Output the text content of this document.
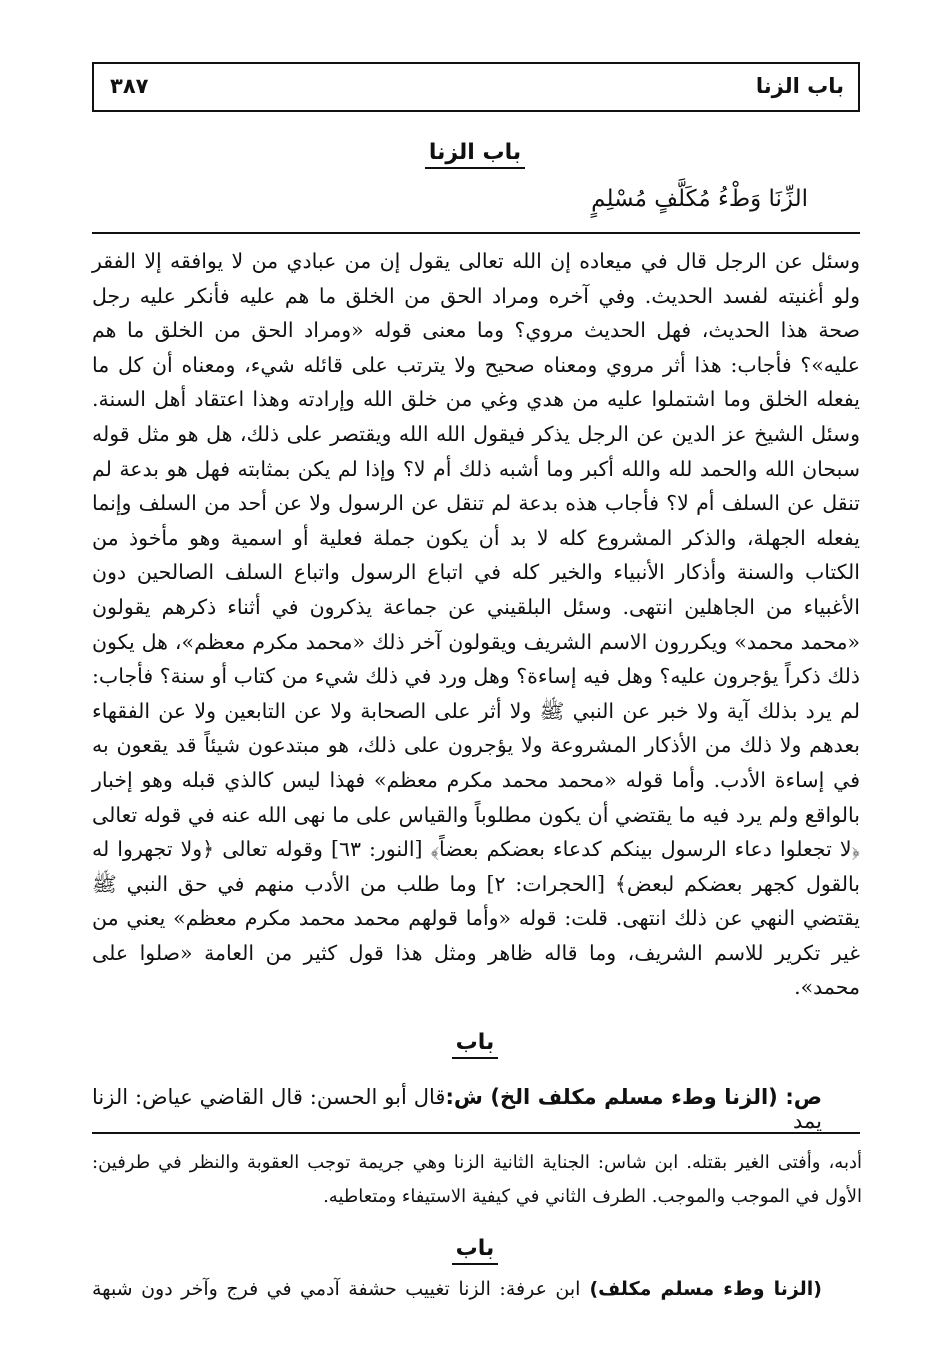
باب الزنا
٣٨٧
باب الزنا
الزِّنَا وَطْءُ مُكَلَّفٍ مُسْلِمٍ

وسئل عن الرجل قال في ميعاده إن الله تعالى يقول إن من عبادي من لا يوافقه إلا الفقر ولو أغنيته لفسد الحديث. وفي آخره ومراد الحق من الخلق ما هم عليه فأنكر عليه رجل صحة هذا الحديث، فهل الحديث مروي؟ وما معنى قوله «ومراد الحق من الخلق ما هم عليه»؟ فأجاب: هذا أثر مروي ومعناه صحيح ولا يترتب على قائله شيء، ومعناه أن كل ما يفعله الخلق وما اشتملوا عليه من هدي وغي من خلق الله وإرادته وهذا اعتقاد أهل السنة. وسئل الشيخ عز الدين عن الرجل يذكر فيقول الله الله ويقتصر على ذلك، هل هو مثل قوله سبحان الله والحمد لله والله أكبر وما أشبه ذلك أم لا؟ وإذا لم يكن بمثابته فهل هو بدعة لم تنقل عن السلف أم لا؟ فأجاب هذه بدعة لم تنقل عن الرسول ولا عن أحد من السلف وإنما يفعله الجهلة، والذكر المشروع كله لا بد أن يكون جملة فعلية أو اسمية وهو مأخوذ من الكتاب والسنة وأذكار الأنبياء والخير كله في اتباع الرسول واتباع السلف الصالحين دون الأغبياء من الجاهلين انتهى. وسئل البلقيني عن جماعة يذكرون في أثناء ذكرهم يقولون «محمد محمد» ويكررون الاسم الشريف ويقولون آخر ذلك «محمد مكرم معظم»، هل يكون ذلك ذكراً يؤجرون عليه؟ وهل فيه إساءة؟ وهل ورد في ذلك شيء من كتاب أو سنة؟ فأجاب: لم يرد بذلك آية ولا خبر عن النبي ﷺ ولا أثر على الصحابة ولا عن التابعين ولا عن الفقهاء بعدهم ولا ذلك من الأذكار المشروعة ولا يؤجرون على ذلك، هو مبتدعون شيئاً قد يقعون به في إساءة الأدب. وأما قوله «محمد محمد مكرم معظم» فهذا ليس كالذي قبله وهو إخبار بالواقع ولم يرد فيه ما يقتضي أن يكون مطلوباً والقياس على ما نهى الله عنه في قوله تعالى ﴿لا تجعلوا دعاء الرسول بينكم كدعاء بعضكم بعضاً﴾ [النور: ٦٣] وقوله تعالى ﴿ولا تجهروا له بالقول كجهر بعضكم لبعض﴾ [الحجرات: ٢] وما طلب من الأدب منهم في حق النبي ﷺ يقتضي النهي عن ذلك انتهى. قلت: قوله «وأما قولهم محمد محمد مكرم معظم» يعني من غير تكرير للاسم الشريف، وما قاله ظاهر ومثل هذا قول كثير من العامة «صلوا على محمد».

باب

ص: (الزنا وطء مسلم مكلف الخ) ش:قال أبو الحسن: قال القاضي عياض: الزنا يمد

أدبه، وأفتى الغير بقتله. ابن شاس: الجناية الثانية الزنا وهي جريمة توجب العقوبة والنظر في طرفين: الأول في الموجب والموجب. الطرف الثاني في كيفية الاستيفاء ومتعاطيه.

باب

(الزنا وطء مسلم مكلف) ابن عرفة: الزنا تغييب حشفة آدمي في فرج وآخر دون شبهة
